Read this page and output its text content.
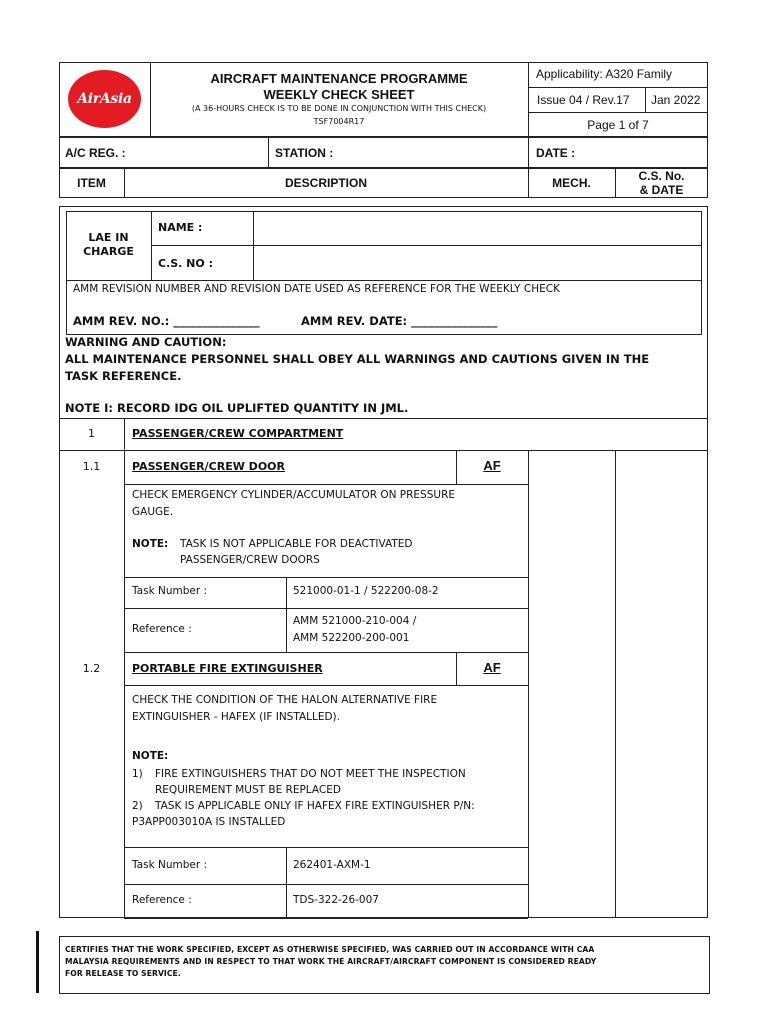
AirAsia
AIRCRAFT MAINTENANCE PROGRAMME
WEEKLY CHECK SHEET
(A 36-HOURS CHECK IS TO BE DONE IN CONJUNCTION WITH THIS CHECK)
TSF7004R17
Applicability: A320 Family
Issue 04 / Rev.17 Jan 2022
Page 1 of 7
A/C REG. :	STATION :	DATE :
ITEM	DESCRIPTION	MECH.	C.S. No.
& DATE
LAE IN
CHARGE
NAME :
C.S. NO :
AMM REVISION NUMBER AND REVISION DATE USED AS REFERENCE FOR THE WEEKLY CHECK
AMM REV. NO.: _______________	AMM REV. DATE: _______________
WARNING AND CAUTION:
ALL MAINTENANCE PERSONNEL SHALL OBEY ALL WARNINGS AND CAUTIONS GIVEN IN THE
TASK REFERENCE.
NOTE I: RECORD IDG OIL UPLIFTED QUANTITY IN JML.
1	PASSENGER/CREW COMPARTMENT
1.1	PASSENGER/CREW DOOR	AF
CHECK EMERGENCY CYLINDER/ACCUMULATOR ON PRESSURE
GAUGE.
NOTE: TASK IS NOT APPLICABLE FOR DEACTIVATED
PASSENGER/CREW DOORS
Task Number :	521000-01-1 / 522200-08-2
Reference :
AMM 521000-210-004 /
AMM 522200-200-001
1.2	PORTABLE FIRE EXTINGUISHER	AF
CHECK THE CONDITION OF THE HALON ALTERNATIVE FIRE
EXTINGUISHER - HAFEX (IF INSTALLED).
NOTE:
1) FIRE EXTINGUISHERS THAT DO NOT MEET THE INSPECTION
REQUIREMENT MUST BE REPLACED
2) TASK IS APPLICABLE ONLY IF HAFEX FIRE EXTINGUISHER P/N:
P3APP003010A IS INSTALLED
Task Number :	262401-AXM-1
Reference :	TDS-322-26-007
CERTIFIES THAT THE WORK SPECIFIED, EXCEPT AS OTHERWISE SPECIFIED, WAS CARRIED OUT IN ACCORDANCE WITH CAA
MALAYSIA REQUIREMENTS AND IN RESPECT TO THAT WORK THE AIRCRAFT/AIRCRAFT COMPONENT IS CONSIDERED READY
FOR RELEASE TO SERVICE.
